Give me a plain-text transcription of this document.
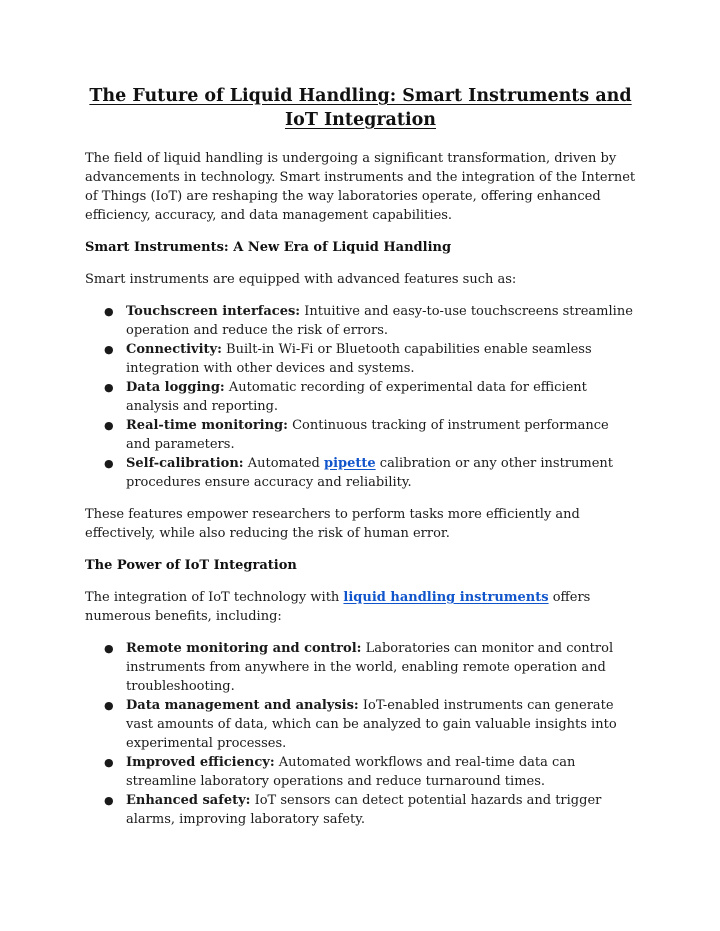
The Future of Liquid Handling: Smart Instruments and IoT Integration

The field of liquid handling is undergoing a significant transformation, driven by advancements in technology. Smart instruments and the integration of the Internet of Things (IoT) are reshaping the way laboratories operate, offering enhanced efficiency, accuracy, and data management capabilities.

Smart Instruments: A New Era of Liquid Handling

Smart instruments are equipped with advanced features such as:

● Touchscreen interfaces: Intuitive and easy-to-use touchscreens streamline operation and reduce the risk of errors.
● Connectivity: Built-in Wi-Fi or Bluetooth capabilities enable seamless integration with other devices and systems.
● Data logging: Automatic recording of experimental data for efficient analysis and reporting.
● Real-time monitoring: Continuous tracking of instrument performance and parameters.
● Self-calibration: Automated pipette calibration or any other instrument procedures ensure accuracy and reliability.

These features empower researchers to perform tasks more efficiently and effectively, while also reducing the risk of human error.

The Power of IoT Integration

The integration of IoT technology with liquid handling instruments offers numerous benefits, including:

● Remote monitoring and control: Laboratories can monitor and control instruments from anywhere in the world, enabling remote operation and troubleshooting.
● Data management and analysis: IoT-enabled instruments can generate vast amounts of data, which can be analyzed to gain valuable insights into experimental processes.
● Improved efficiency: Automated workflows and real-time data can streamline laboratory operations and reduce turnaround times.
● Enhanced safety: IoT sensors can detect potential hazards and trigger alarms, improving laboratory safety.
